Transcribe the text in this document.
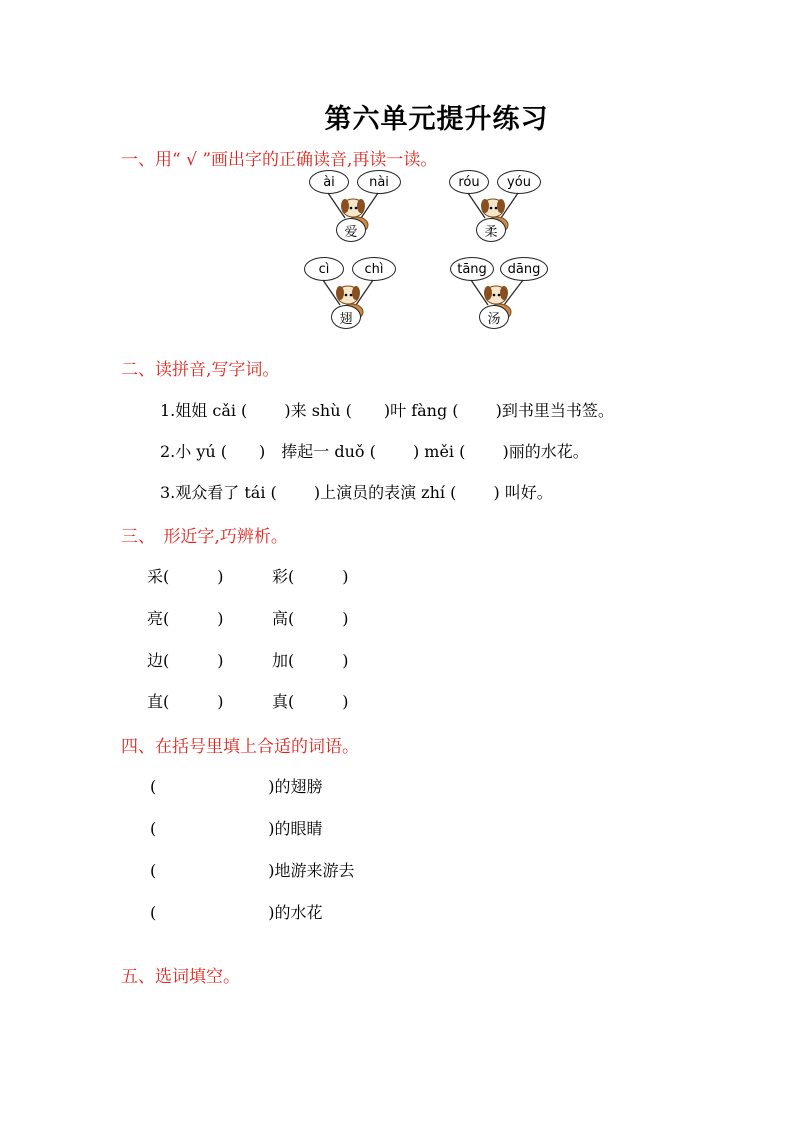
第六单元提升练习
一、用“ √ ”画出字的正确读音,再读一读。
ài	nài
爱
róu	yóu
柔
cì	chì
翅
tāng	dāng
汤
二、读拼音,写字词。
1.姐姐 cǎi (　　 )来 shù (　　)叶 fàng (　　 )到书里当书签。
2.小 yú (　　)　捧起一 duǒ (　　 ) měi (　　 )丽的水花。
3.观众看了 tái (　　 )上演员的表演 zhí (　　 ) 叫好。
三、　形近字,巧辨析。
采(　　　)	彩(　　　)
亮(　　　)	高(　　　)
边(　　　)	加(　　　)
直(　　　)	真(　　　)
四、在括号里填上合适的词语。
(　　　　　　　)的翅膀
(　　　　　　　)的眼睛
(　　　　　　　)地游来游去
(　　　　　　　)的水花
五、选词填空。
